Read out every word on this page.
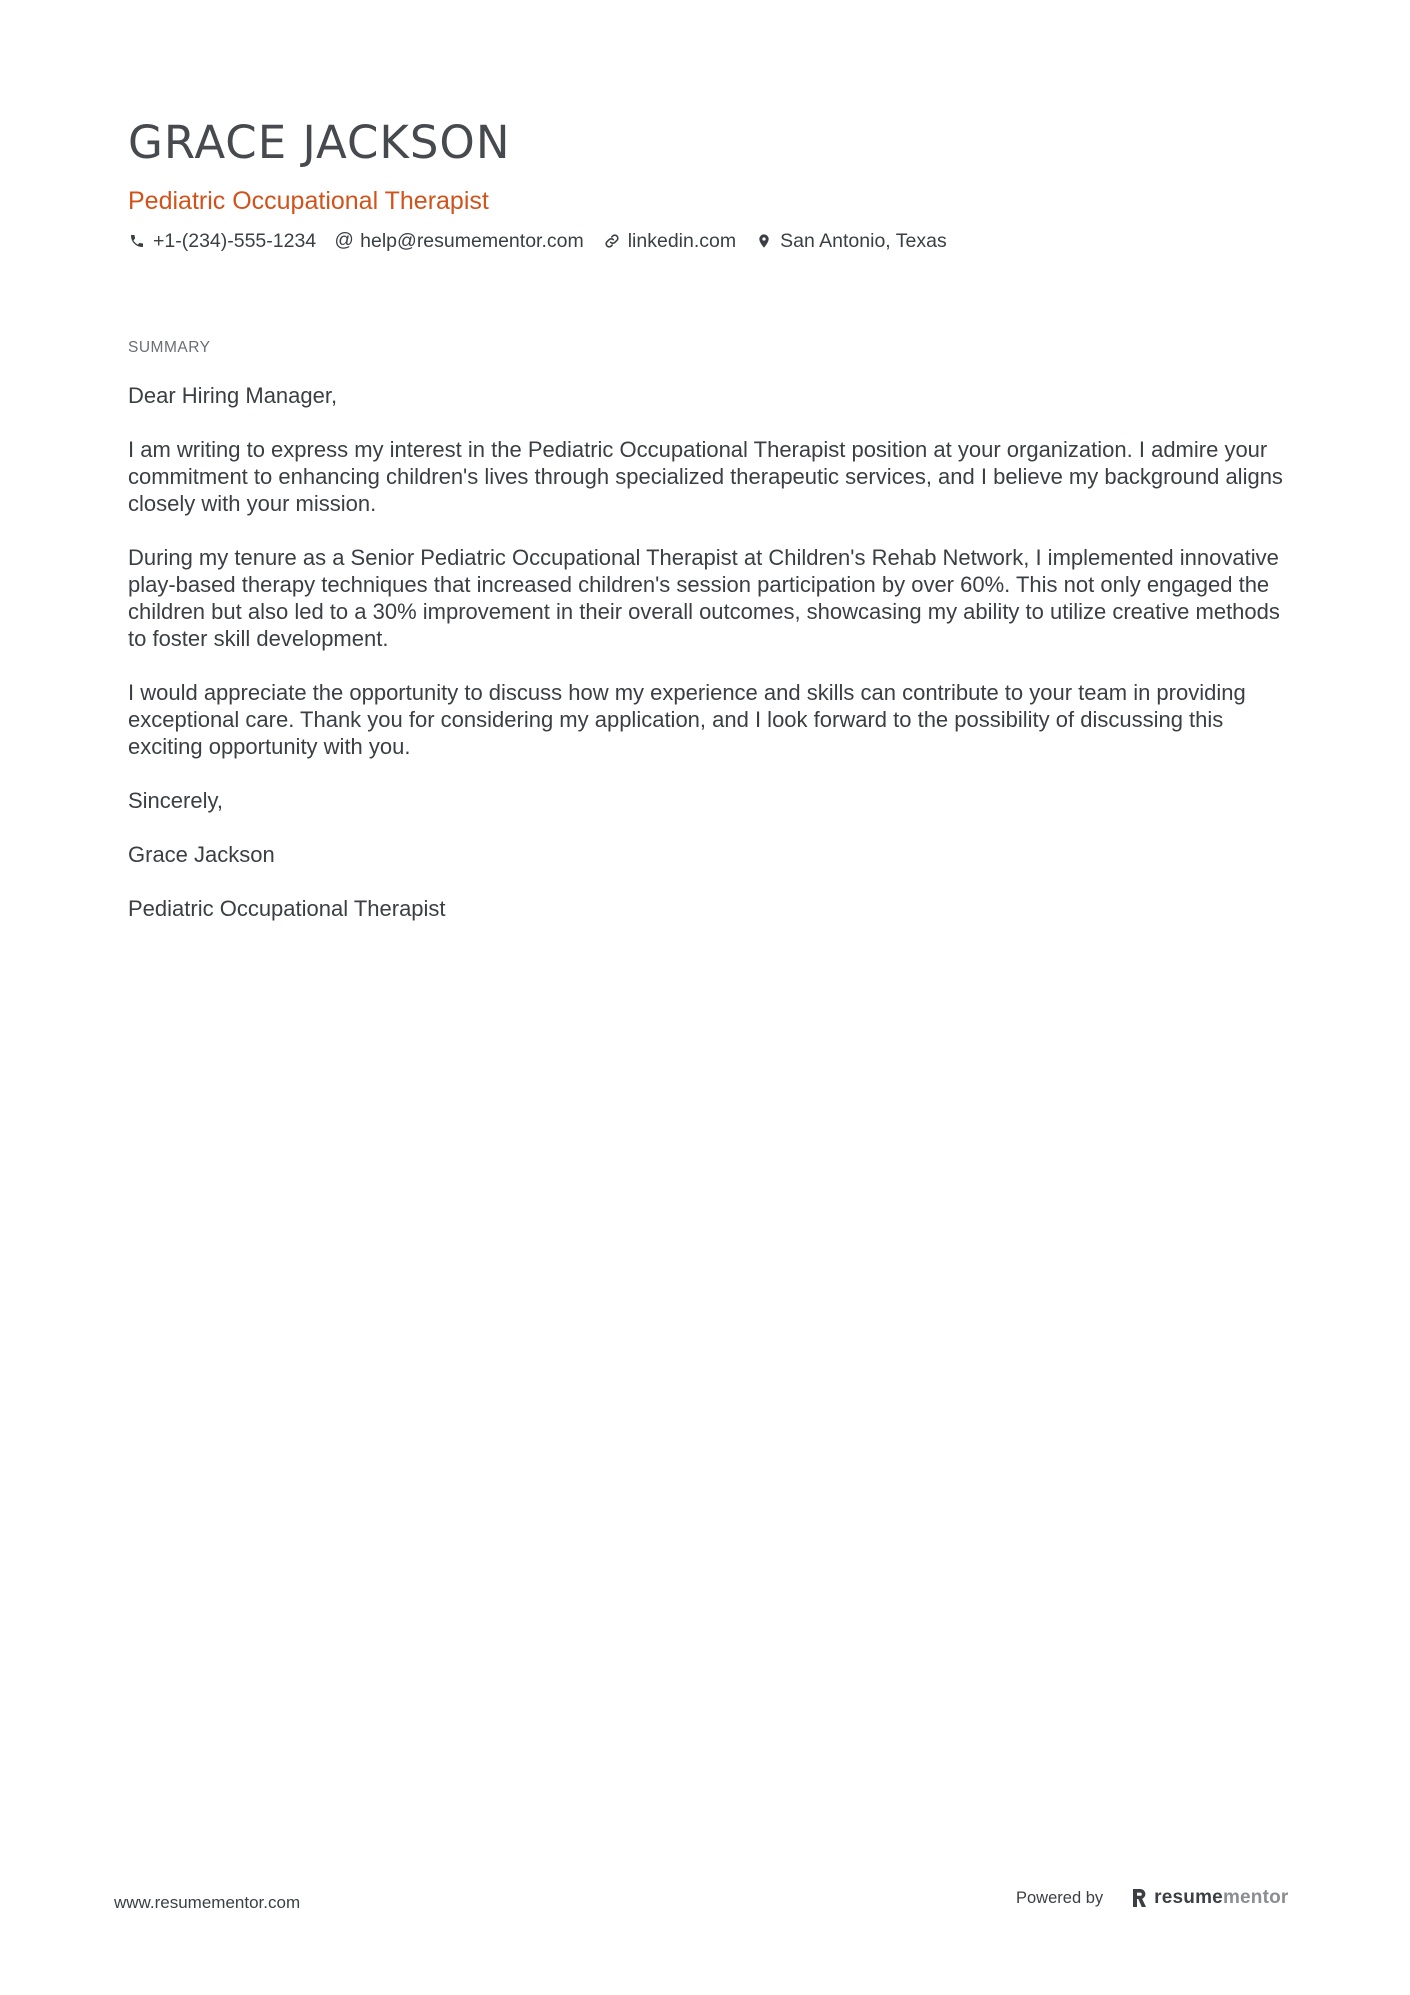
GRACE JACKSON
Pediatric Occupational Therapist
+1-(234)-555-1234 @ help@resumementor.com linkedin.com San Antonio, Texas
SUMMARY

Dear Hiring Manager,

I am writing to express my interest in the Pediatric Occupational Therapist position at your organization. I admire your commitment to enhancing children's lives through specialized therapeutic services, and I believe my background aligns closely with your mission.

During my tenure as a Senior Pediatric Occupational Therapist at Children's Rehab Network, I implemented innovative play-based therapy techniques that increased children's session participation by over 60%. This not only engaged the children but also led to a 30% improvement in their overall outcomes, showcasing my ability to utilize creative methods to foster skill development.

I would appreciate the opportunity to discuss how my experience and skills can contribute to your team in providing exceptional care. Thank you for considering my application, and I look forward to the possibility of discussing this exciting opportunity with you.

Sincerely,

Grace Jackson

Pediatric Occupational Therapist

www.resumementor.com	Powered by	resumementor
